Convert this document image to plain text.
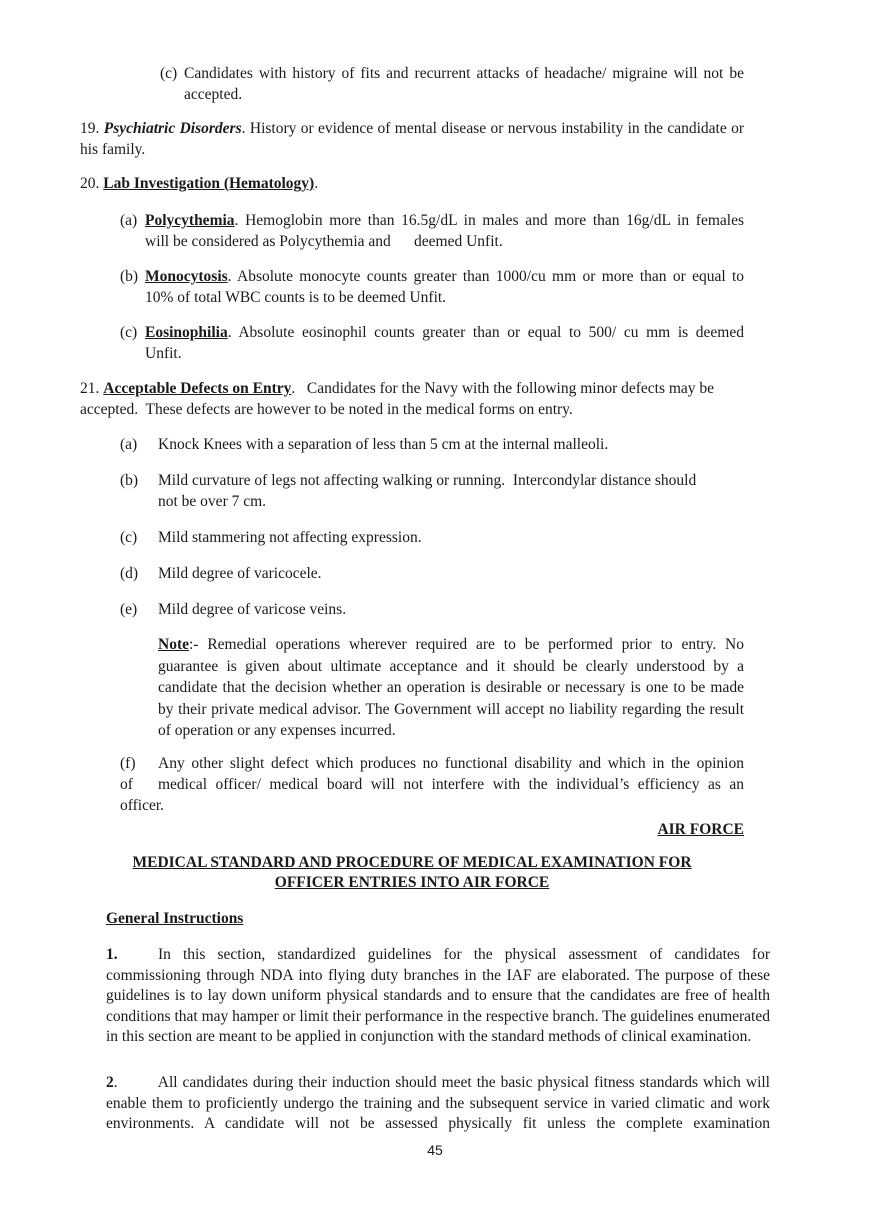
(c) Candidates with history of fits and recurrent attacks of headache/ migraine will not be accepted.
19. Psychiatric Disorders. History or evidence of mental disease or nervous instability in the candidate or his family.
20. Lab Investigation (Hematology).
(a) Polycythemia. Hemoglobin more than 16.5g/dL in males and more than 16g/dL in females
will be considered as Polycythemia and      deemed Unfit.
(b) Monocytosis. Absolute monocyte counts greater than 1000/cu mm or more than or equal to
10% of total WBC counts is to be deemed Unfit.
(c) Eosinophilia. Absolute eosinophil counts greater than or equal to 500/ cu mm is deemed
Unfit.
21. Acceptable Defects on Entry.   Candidates for the Navy with the following minor defects may be
accepted.  These defects are however to be noted in the medical forms on entry.
(a) Knock Knees with a separation of less than 5 cm at the internal malleoli.
(b) Mild curvature of legs not affecting walking or running.  Intercondylar distance should
not be over 7 cm.
(c) Mild stammering not affecting expression.
(d) Mild degree of varicocele.
(e) Mild degree of varicose veins.
Note:- Remedial operations wherever required are to be performed prior to entry. No guarantee is given about ultimate acceptance and it should be clearly understood by a candidate that the decision whether an operation is desirable or necessary is one to be made by their private medical advisor. The Government will accept no liability regarding the result of operation or any expenses incurred.
(f) Any other slight defect which produces no functional disability and which in the opinion
of medical officer/ medical board will not interfere with the individual’s efficiency as an
officer.
AIR FORCE
MEDICAL STANDARD AND PROCEDURE OF MEDICAL EXAMINATION FOR
OFFICER ENTRIES INTO AIR FORCE
General Instructions
1.	In this section, standardized guidelines for the physical assessment of candidates for commissioning through NDA into flying duty branches in the IAF are elaborated. The purpose of these guidelines is to lay down uniform physical standards and to ensure that the candidates are free of health conditions that may hamper or limit their performance in the respective branch. The guidelines enumerated in this section are meant to be applied in conjunction with the standard methods of clinical examination.
2.	All candidates during their induction should meet the basic physical fitness standards which will enable them to proficiently undergo the training and the subsequent service in varied climatic and work environments. A candidate will not be assessed physically fit unless the complete examination
45
